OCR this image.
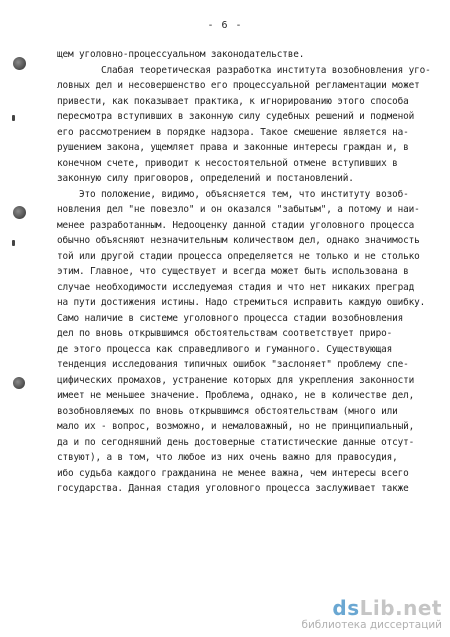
- 6 -
щем уголовно-процессуальном законодательстве.
Слабая теоретическая разработка института возобновления уго-
ловных дел и несовершенство его процессуальной регламентации может
привести, как показывает практика, к игнорированию этого способа
пересмотра вступивших в законную силу судебных решений и подменой
его рассмотрением в порядке надзора. Такое смешение является на-
рушением закона, ущемляет права и законные интересы граждан и, в
конечном счете, приводит к несостоятельной отмене вступивших в
законную силу приговоров, определений и постановлений.
Это положение, видимо, объясняется тем, что институту возоб-
новления дел "не повезло" и он оказался "забытым", а потому и наи-
менее разработанным. Недооценку данной стадии уголовного процесса
обычно объясняют незначительным количеством дел, однако значимость
той или другой стадии процесса определяется не только и не столько
этим. Главное, что существует и всегда может быть использована в
случае необходимости исследуемая стадия и что нет никаких преград
на пути достижения истины. Надо стремиться исправить каждую ошибку.
Само наличие в системе уголовного процесса стадии возобновления
дел по вновь открывшимся обстоятельствам соответствует приро-
де этого процесса как справедливого и гуманного. Существующая
тенденция исследования типичных ошибок "заслоняет" проблему спе-
цифических промахов, устранение которых для укрепления законности
имеет не меньшее значение. Проблема, однако, не в количестве дел,
возобновляемых по вновь открывшимся обстоятельствам (много или
мало их - вопрос, возможно, и немаловажный, но не принципиальный,
да и по сегодняшний день достоверные статистические данные отсут-
ствуют), а в том, что любое из них очень важно для правосудия,
ибо судьба каждого гражданина не менее важна, чем интересы всего
государства. Данная стадия уголовного процесса заслуживает также
dsLib.net
библиотека диссертаций
